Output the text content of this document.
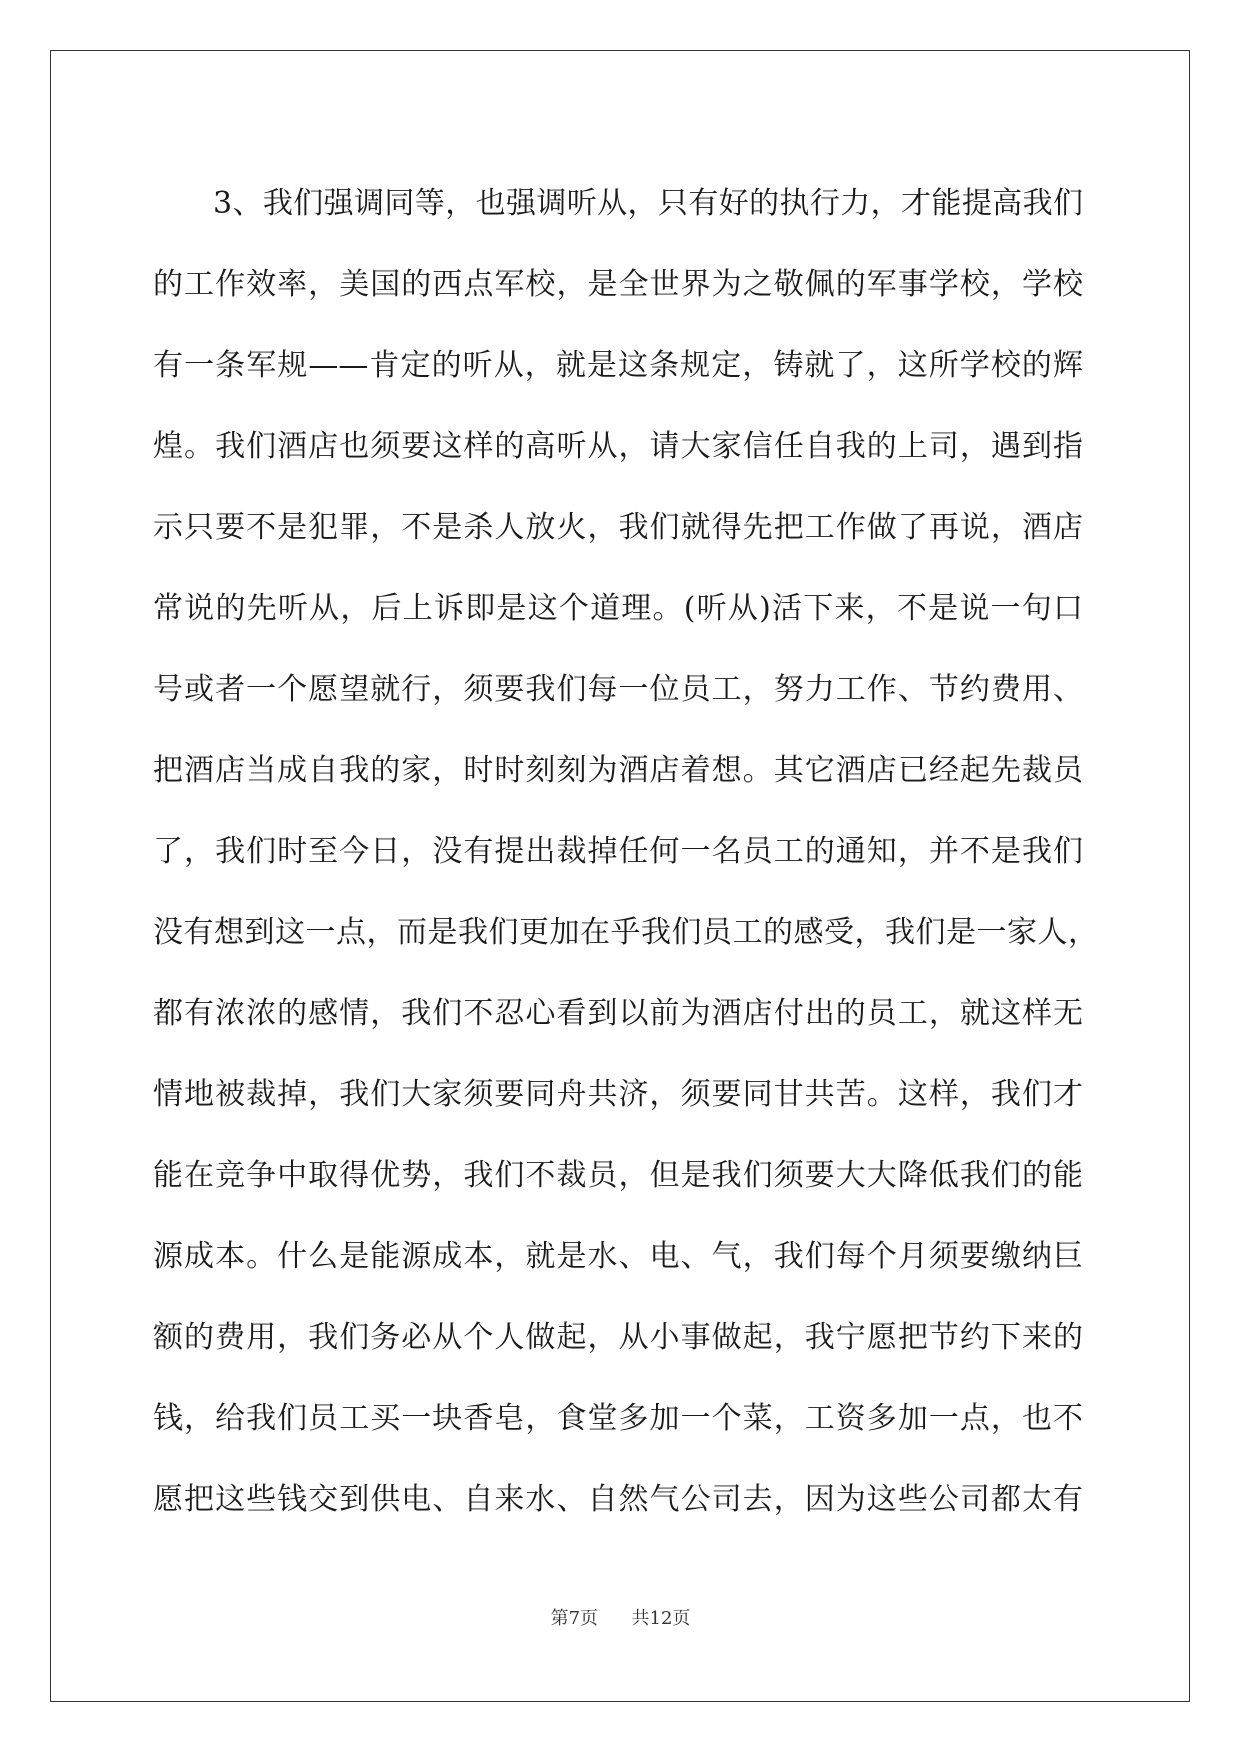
3、我们强调同等，也强调听从，只有好的执行力，才能提高我们
的工作效率，美国的西点军校，是全世界为之敬佩的军事学校，学校
有一条军规——肯定的听从，就是这条规定，铸就了，这所学校的辉
煌。我们酒店也须要这样的高听从，请大家信任自我的上司，遇到指
示只要不是犯罪，不是杀人放火，我们就得先把工作做了再说，酒店
常说的先听从，后上诉即是这个道理。(听从)活下来，不是说一句口
号或者一个愿望就行，须要我们每一位员工，努力工作、节约费用、
把酒店当成自我的家，时时刻刻为酒店着想。其它酒店已经起先裁员
了，我们时至今日，没有提出裁掉任何一名员工的通知，并不是我们
没有想到这一点，而是我们更加在乎我们员工的感受，我们是一家人，
都有浓浓的感情，我们不忍心看到以前为酒店付出的员工，就这样无
情地被裁掉，我们大家须要同舟共济，须要同甘共苦。这样，我们才
能在竞争中取得优势，我们不裁员，但是我们须要大大降低我们的能
源成本。什么是能源成本，就是水、电、气，我们每个月须要缴纳巨
额的费用，我们务必从个人做起，从小事做起，我宁愿把节约下来的
钱，给我们员工买一块香皂，食堂多加一个菜，工资多加一点，也不
愿把这些钱交到供电、自来水、自然气公司去，因为这些公司都太有
第7页 共12页
